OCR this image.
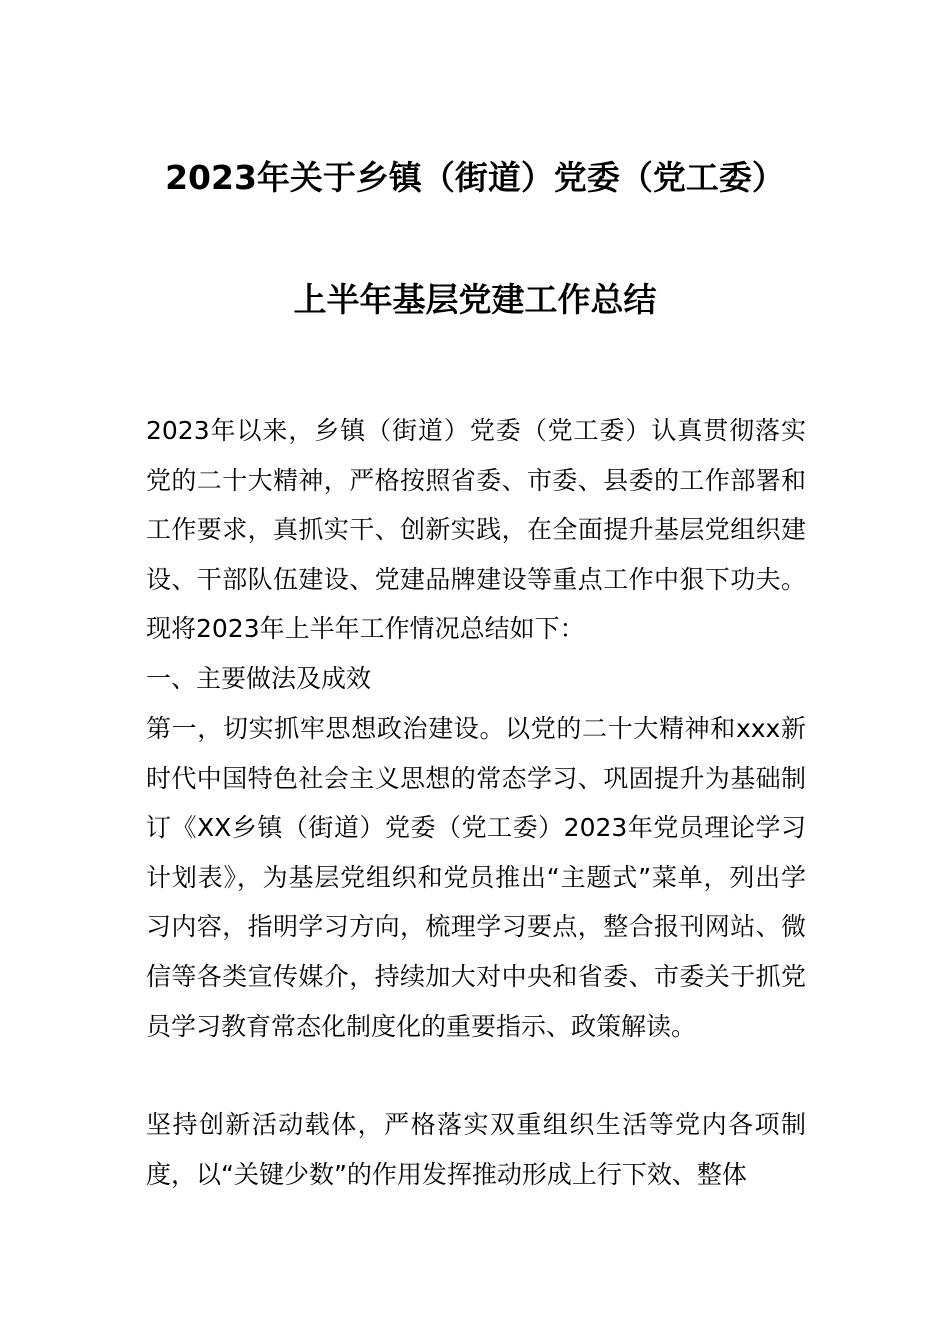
2023年关于乡镇（街道）党委（党工委）
上半年基层党建工作总结

2023年以来，乡镇（街道）党委（党工委）认真贯彻落实党的二十大精神，严格按照省委、市委、县委的工作部署和工作要求，真抓实干、创新实践，在全面提升基层党组织建设、干部队伍建设、党建品牌建设等重点工作中狠下功夫。现将2023年上半年工作情况总结如下：

一、主要做法及成效

第一，切实抓牢思想政治建设。以党的二十大精神和xxx新时代中国特色社会主义思想的常态学习、巩固提升为基础制订《XX乡镇（街道）党委（党工委）2023年党员理论学习计划表》，为基层党组织和党员推出“主题式”菜单，列出学习内容，指明学习方向，梳理学习要点，整合报刊网站、微信等各类宣传媒介，持续加大对中央和省委、市委关于抓党员学习教育常态化制度化的重要指示、政策解读。

坚持创新活动载体，严格落实双重组织生活等党内各项制度，以“关键少数”的作用发挥推动形成上行下效、整体
